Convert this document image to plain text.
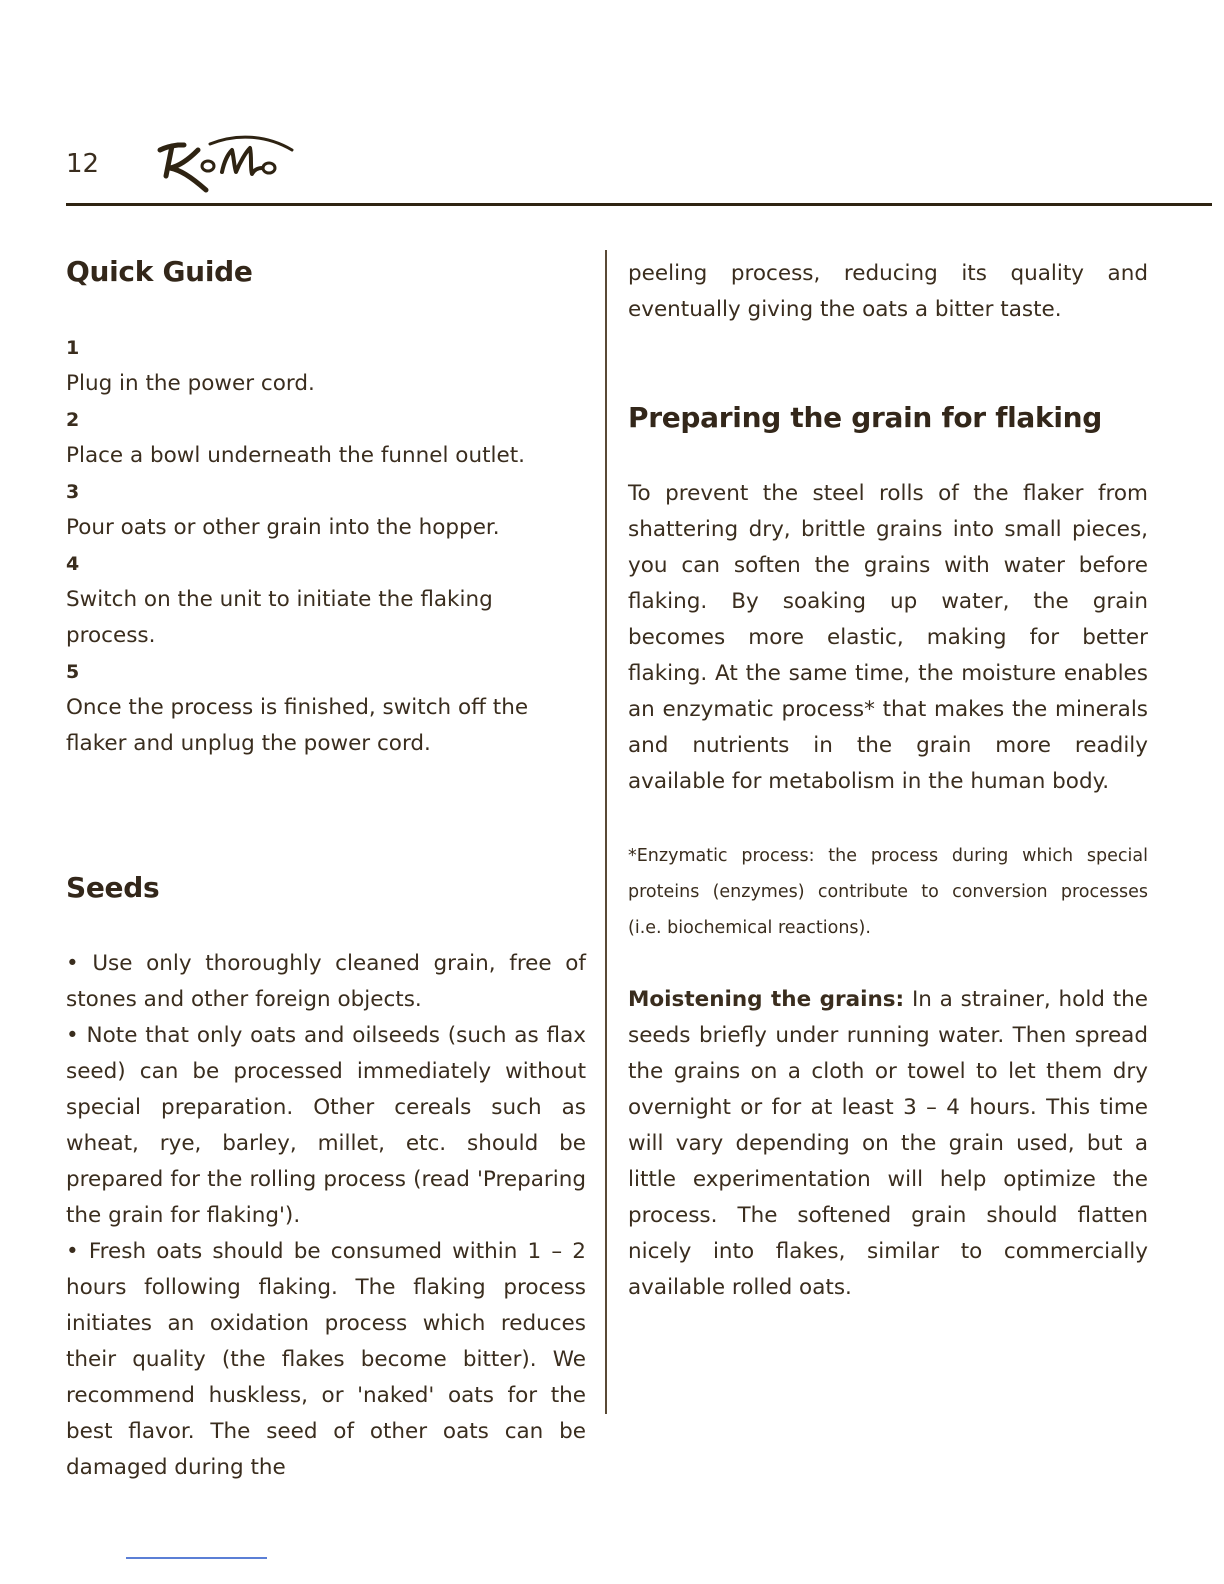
12
Quick Guide
1

Plug in the power cord.

2

Place a bowl underneath the funnel outlet.

3

Pour oats or other grain into the hopper.

4

Switch on the unit to initiate the flaking process.

5

Once the process is finished, switch off the flaker and unplug the power cord.

Seeds

• Use only thoroughly cleaned grain, free of stones and other foreign objects.

• Note that only oats and oilseeds (such as flax seed) can be processed immediately without special preparation. Other cereals such as wheat, rye, barley, millet, etc. should be prepared for the rolling process (read 'Preparing the grain for flaking').

• Fresh oats should be consumed within 1 – 2 hours following flaking. The flaking process initiates an oxidation process which reduces their quality (the flakes become bitter). We recommend huskless, or 'naked' oats for the best flavor. The seed of other oats can be damaged during the

peeling process, reducing its quality and eventually giving the oats a bitter taste.

Preparing the grain for flaking

To prevent the steel rolls of the flaker from shattering dry, brittle grains into small pieces, you can soften the grains with water before flaking. By soaking up water, the grain becomes more elastic, making for better flaking. At the same time, the moisture enables an enzymatic process* that makes the minerals and nutrients in the grain more readily available for metabolism in the human body.

*Enzymatic process: the process during which special proteins (enzymes) contribute to conversion processes (i.e. biochemical reactions).

Moistening the grains: In a strainer, hold the seeds briefly under running water. Then spread the grains on a cloth or towel to let them dry overnight or for at least 3 – 4 hours. This time will vary depending on the grain used, but a little experimentation will help optimize the process. The softened grain should flatten nicely into flakes, similar to commercially available rolled oats.
